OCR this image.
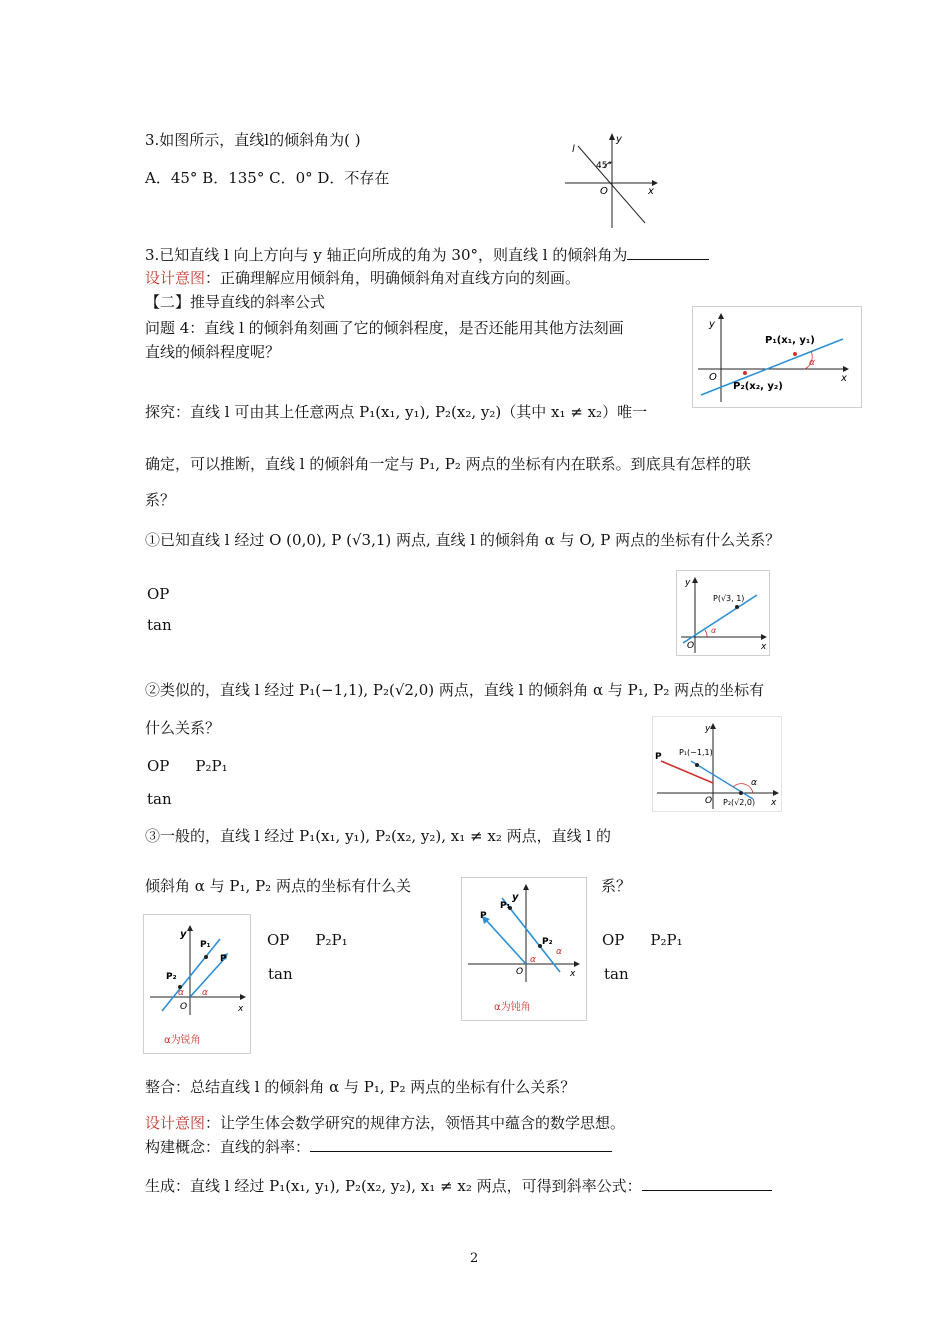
3.如图所示，直线l的倾斜角为( )
A．45° B．135° C．0° D．不存在
l
y
45°
O	x
3.已知直线 l 向上方向与 y 轴正向所成的角为 30°，则直线 l 的倾斜角为
设计意图：正确理解应用倾斜角，明确倾斜角对直线方向的刻画。
【二】推导直线的斜率公式
问题 4：直线 l 的倾斜角刻画了它的倾斜程度，是否还能用其他方法刻画
直线的倾斜程度呢？
y
P₁(x₁, y₁)
O
P₂(x₂, y₂)
x
α
探究：直线 l 可由其上任意两点 P₁(x₁, y₁), P₂(x₂, y₂)（其中 x₁ ≠ x₂）唯一
确定，可以推断，直线 l 的倾斜角一定与 P₁, P₂ 两点的坐标有内在联系。到底具有怎样的联
系？
①已知直线 l 经过 O (0,0), P (√3,1) 两点, 直线 l 的倾斜角 α 与 O, P 两点的坐标有什么关系？
OP
tan
y
P(√3, 1)
O	x
α
②类似的，直线 l 经过 P₁(−1,1), P₂(√2,0) 两点，直线 l 的倾斜角 α 与 P₁, P₂ 两点的坐标有
什么关系？
OP P₂P₁
tan
y
P P₁(−1,1)
O
α
P₂(√2,0) x
③一般的，直线 l 经过 P₁(x₁, y₁), P₂(x₂, y₂), x₁ ≠ x₂ 两点，直线 l 的
倾斜角 α 与 P₁, P₂ 两点的坐标有什么关	系？
OP P₂P₁
tan
OP P₂P₁
tan
y
P₁
P
P₂
α α
O	x
α为锐角
y
P₁
P
P₂
α
α
O	x
α为钝角
整合：总结直线 l 的倾斜角 α 与 P₁, P₂ 两点的坐标有什么关系？
设计意图：让学生体会数学研究的规律方法，领悟其中蕴含的数学思想。
构建概念：直线的斜率：
生成：直线 l 经过 P₁(x₁, y₁), P₂(x₂, y₂), x₁ ≠ x₂ 两点，可得到斜率公式：
2
